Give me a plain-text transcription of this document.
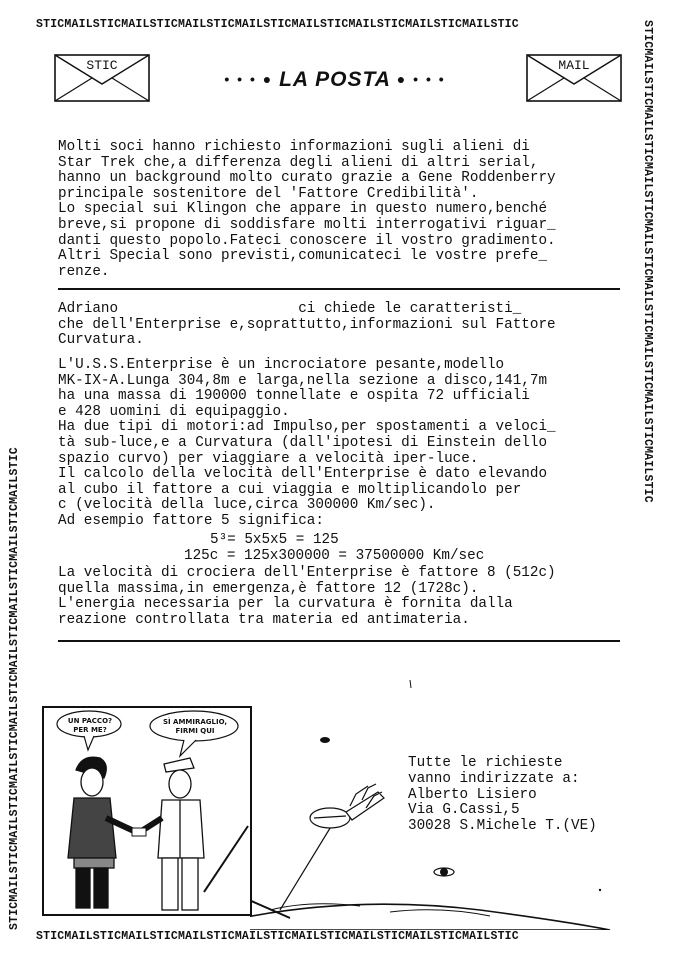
STICMAILSTICMAILSTICMAILSTICMAILSTICMAILSTICMAILSTICMAILSTICMAILSTIC
STICMAILSTICMAILSTICMAILSTICMAILSTICMAILSTICMAILSTICMAILSTICMAILSTIC
STICMAILSTICMAILSTICMAILSTICMAILSTICMAILSTICMAILSTICMAILSTICMAILSTIC
STICMAILSTICMAILSTICMAILSTICMAILSTICMAILSTICMAILSTICMAILSTICMAILSTIC
STIC	MAIL
• • • ● LA POSTA ● • • •
Molti soci hanno richiesto informazioni sugli alieni di
Star Trek che,a differenza degli alieni di altri serial,
hanno un background molto curato grazie a Gene Roddenberry
principale sostenitore del 'Fattore Credibilità'.
Lo special sui Klingon che appare in questo numero,benché
breve,si propone di soddisfare molti interrogativi riguar_
danti questo popolo.Fateci conoscere il vostro gradimento.
Altri Special sono previsti,comunicateci le vostre prefe_
renze.
Adriano                     ci chiede le caratteristi_
che dell'Enterprise e,soprattutto,informazioni sul Fattore
Curvatura.
L'U.S.S.Enterprise è un incrociatore pesante,modello
MK-IX-A.Lunga 304,8m e larga,nella sezione a disco,141,7m
ha una massa di 190000 tonnellate e ospita 72 ufficiali
e 428 uomini di equipaggio.
Ha due tipi di motori:ad Impulso,per spostamenti a veloci_
tà sub-luce,e a Curvatura (dall'ipotesi di Einstein dello
spazio curvo) per viaggiare a velocità iper-luce.
Il calcolo della velocità dell'Enterprise è dato elevando
al cubo il fattore a cui viaggia e moltiplicandolo per
c (velocità della luce,circa 300000 Km/sec).
Ad esempio fattore 5 significa:
5³= 5x5x5 = 125
125c = 125x300000 = 37500000 Km/sec
La velocità di crociera dell'Enterprise è fattore 8 (512c)
quella massima,in emergenza,è fattore 12 (1728c).
L'energia necessaria per la curvatura è fornita dalla
reazione controllata tra materia ed antimateria.
Tutte le richieste
vanno indirizzate a:
Alberto Lisiero
Via G.Cassi,5
30028 S.Michele T.(VE)
UN PACCO?
PER ME?
SÌ AMMIRAGLIO,
FIRMI QUI
